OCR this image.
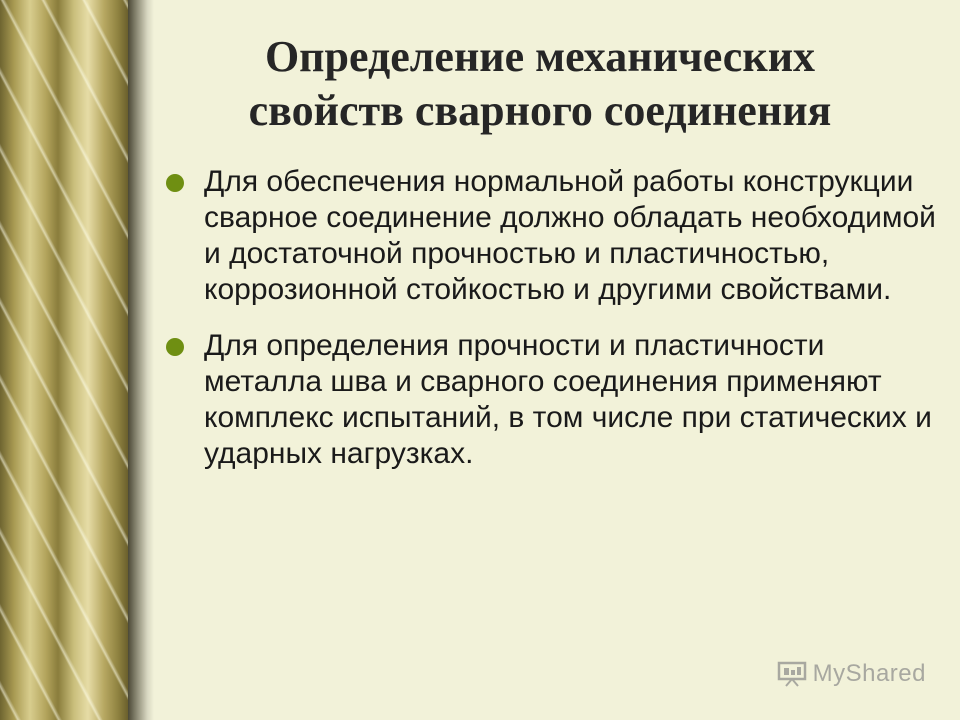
Определение механических
свойств сварного соединения
Для обеспечения нормальной работы конструкции сварное соединение должно обладать необходимой и достаточной прочностью и пластичностью, коррозионной стойкостью и другими свойствами.
Для определения прочности и пластичности металла шва и сварного соединения применяют комплекс испытаний, в том числе при статических и ударных нагрузках.
MyShared
